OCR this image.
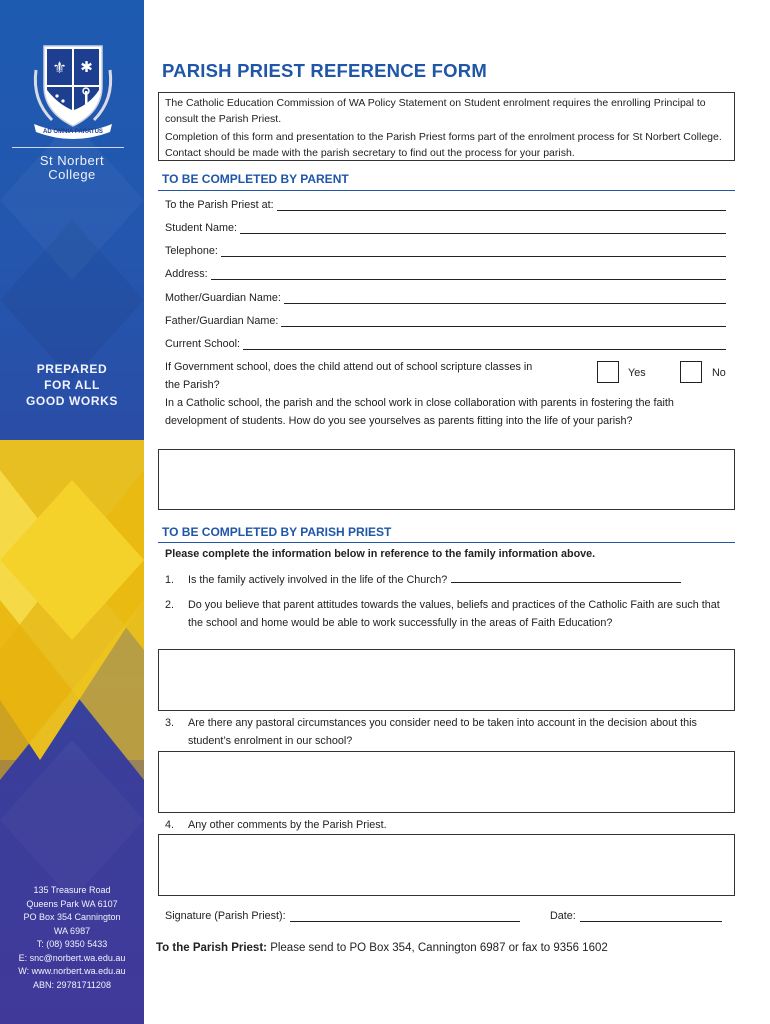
⚜ ✱
AD OMNIA PARATUS
St Norbert
College
PREPARED
FOR ALL
GOOD WORKS
135 Treasure Road
Queens Park WA 6107
PO Box 354 Cannington
WA 6987
T: (08) 9350 5433
E: snc@norbert.wa.edu.au
W: www.norbert.wa.edu.au
ABN: 29781711208
PARISH PRIEST REFERENCE FORM

The Catholic Education Commission of WA Policy Statement on Student enrolment requires the enrolling Principal to consult the Parish Priest.

Completion of this form and presentation to the Parish Priest forms part of the enrolment process for St Norbert College. Contact should be made with the parish secretary to find out the process for your parish.

TO BE COMPLETED BY PARENT
To the Parish Priest at:
Student Name:
Telephone:
Address:
Mother/Guardian Name:
Father/Guardian Name:
Current School:
If Government school, does the child attend out of school scripture classes in the Parish?
Yes	No
In a Catholic school, the parish and the school work in close collaboration with parents in fostering the faith development of students. How do you see yourselves as parents fitting into the life of your parish?
TO BE COMPLETED BY PARISH PRIEST
Please complete the information below in reference to the family information above.
1.	Is the family actively involved in the life of the Church?
2.	Do you believe that parent attitudes towards the values, beliefs and practices of the Catholic Faith are such that the school and home would be able to work successfully in the areas of Faith Education?
3.	Are there any pastoral circumstances you consider need to be taken into account in the decision about this student’s enrolment in our school?
4.	Any other comments by the Parish Priest.
Signature (Parish Priest):	Date:
To the Parish Priest: Please send to PO Box 354, Cannington 6987 or fax to 9356 1602
